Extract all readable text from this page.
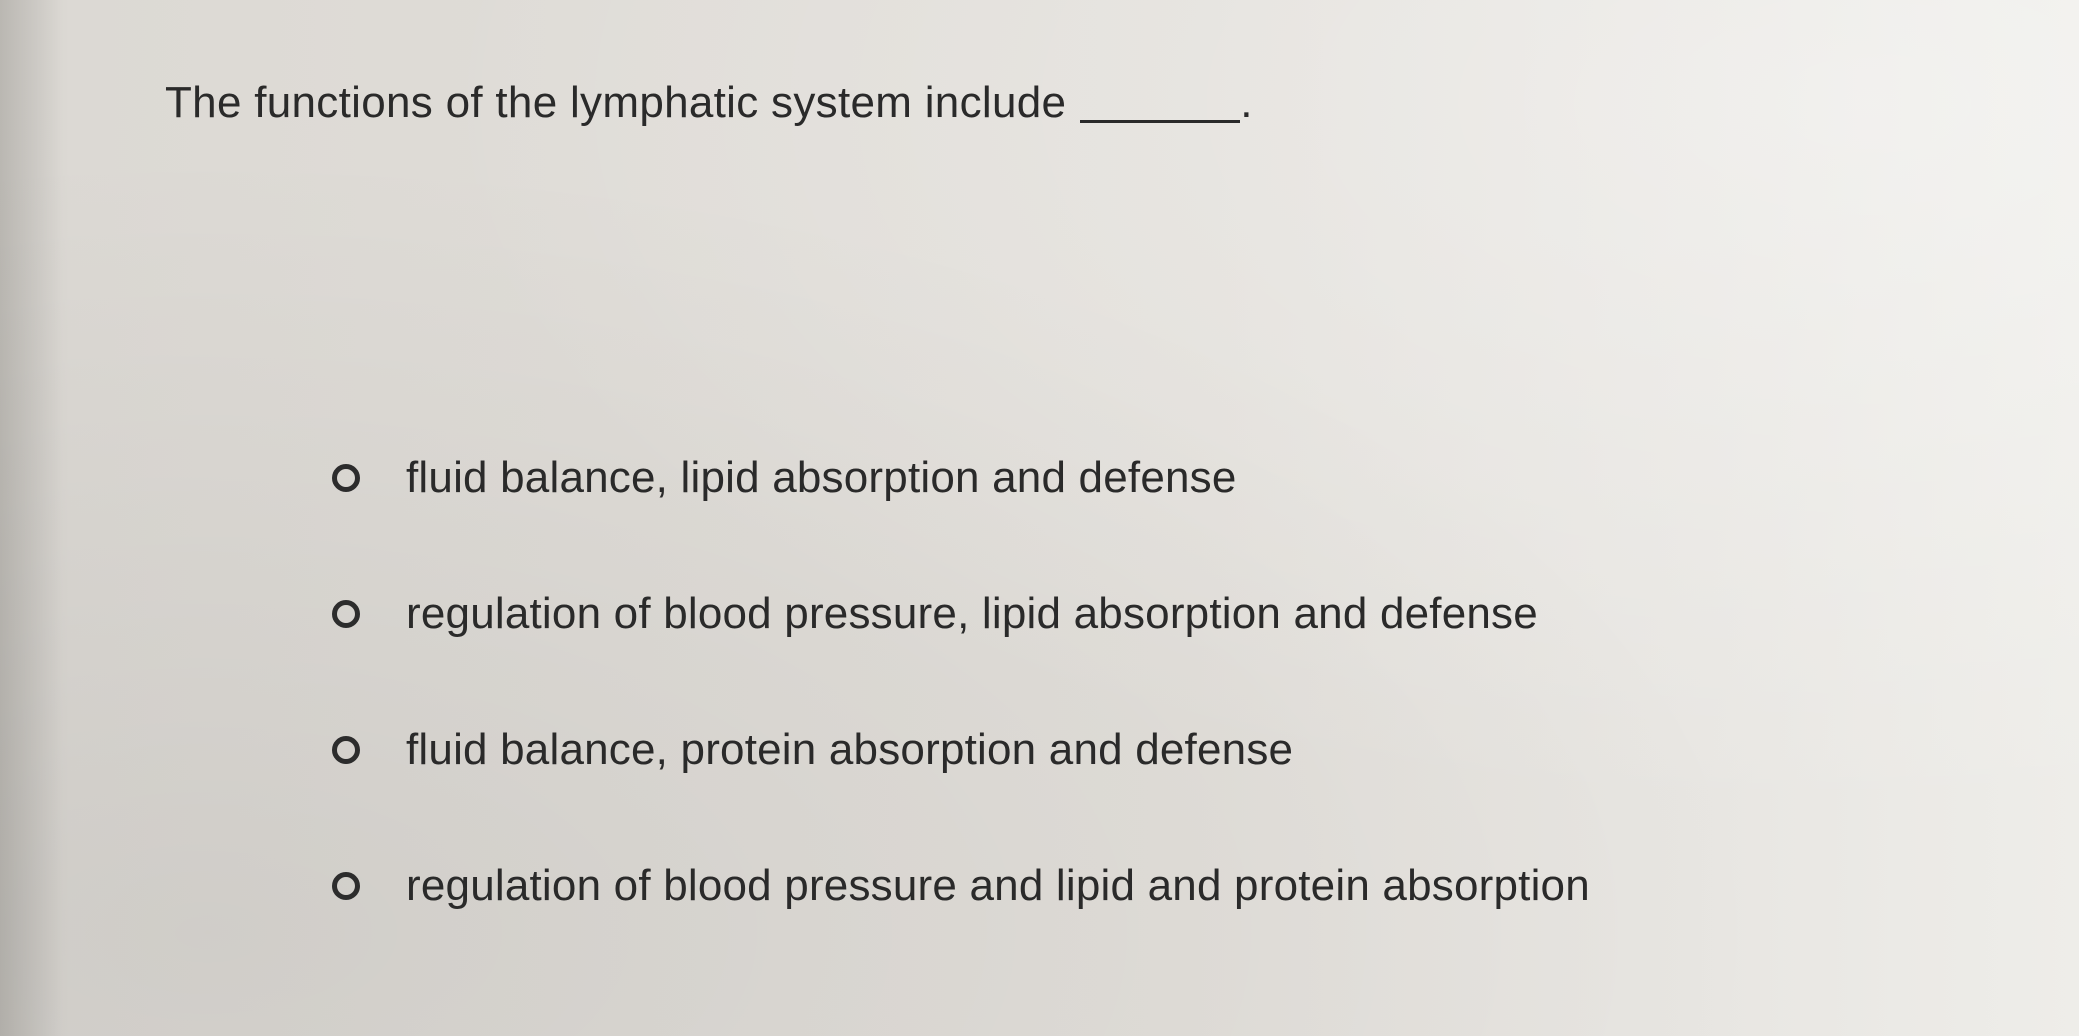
The functions of the lymphatic system include	.
fluid balance, lipid absorption and defense
regulation of blood pressure, lipid absorption and defense
fluid balance, protein absorption and defense
regulation of blood pressure and lipid and protein absorption
